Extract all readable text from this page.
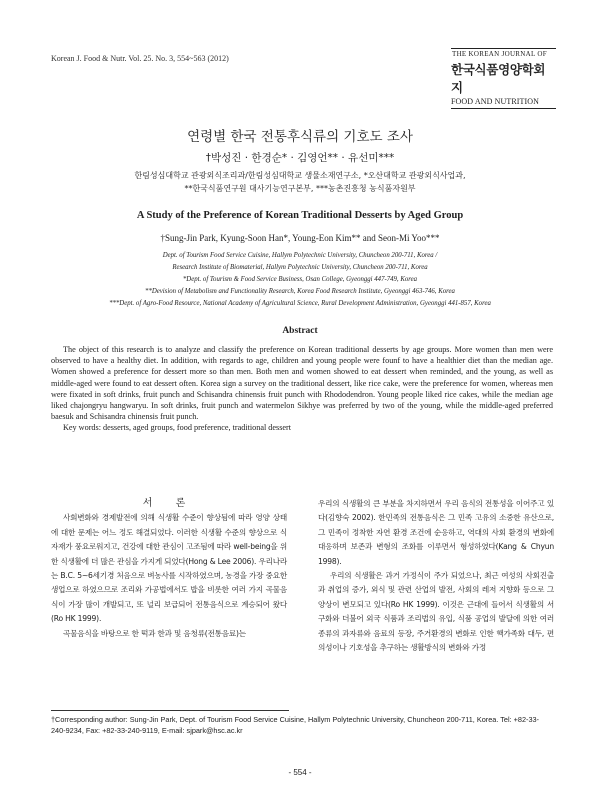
Korean J. Food & Nutr. Vol. 25. No. 3, 554~563 (2012)	THE KOREAN JOURNAL OF
한국식품영양학회지
FOOD AND NUTRITION
연령별 한국 전통후식류의 기호도 조사
†박성진 · 한경순* · 김영언** · 유선미***
한림성심대학교 관광외식조리과/한림성심대학교 생물소재연구소, *오산대학교 관광외식사업과,
**한국식품연구원 대사기능연구본부, ***농촌진흥청 농식품자원부
A Study of the Preference of Korean Traditional Desserts by Aged Group
†Sung-Jin Park, Kyung-Soon Han*, Young-Eon Kim** and Seon-Mi Yoo***
Dept. of Tourism Food Service Cuisine, Hallym Polytechnic University, Chuncheon 200-711, Korea /
Research Institute of Biomaterial, Hallym Polytechnic University, Chuncheon 200-711, Korea
*Dept. of Tourism & Food Service Business, Osan College, Gyeonggi 447-749, Korea
**Devision of Metabolism and Functionality Research, Korea Food Research Institute, Gyeonggi 463-746, Korea
***Dept. of Agro-Food Resource, National Academy of Agricultural Science, Rural Development Administration, Gyeonggi 441-857, Korea
Abstract

The object of this research is to analyze and classify the preference on Korean traditional desserts by age groups. More women than men were observed to have a healthy diet. In addition, with regards to age, children and young people were founf to have a healthier diet than the median age. Women showed a preference for dessert more so than men. Both men and women showed to eat dessert when reminded, and the young, as well as middle-aged were found to eat dessert often. Korea sign a survey on the traditional dessert, like rice cake, were the preference for women, whereas men were fixated in soft drinks, fruit punch and Schisandra chinensis fruit punch with Rhododendron. Young people liked rice cakes, while the median age liked chajongryu hangwaryu. In soft drinks, fruit punch and watermelon Sikhye was preferred by two of the young, while the middle-aged preferred baesuk and Schisandra chinensis fruit punch.

Key words: desserts, aged groups, food preference, traditional dessert

서 론

사회변화와 경제발전에 의해 식생활 수준이 향상됨에 따라 영양 상태에 대한 문제는 어느 정도 해결되었다. 이러한 식생활 수준의 향상으로 식자재가 풍요로워지고, 건강에 대한 관심이 고조됨에 따라 well-being을 위한 식생활에 더 많은 관심을 가지게 되었다(Hong & Lee 2006). 우리나라는 B.C. 5~6세기경 처음으로 벼농사를 시작하였으며, 농경을 가장 중요한 생업으로 하였으므로 조리와 가공법에서도 밥을 비롯한 여러 가지 곡물음식이 가장 많이 개발되고, 또 널리 보급되어 전통음식으로 계승되어 왔다(Ro HK 1999).

곡물음식을 바탕으로 한 떡과 한과 및 음청류(전통음료)는

우리의 식생활의 큰 부분을 차지하면서 우리 음식의 전통성을 이어주고 있다(김향숙 2002). 한민족의 전통음식은 그 민족 고유의 소중한 유산으로, 그 민족이 정착한 자연 환경 조건에 순응하고, 역대의 사회 환경의 변화에 대응하며 보존과 변형의 조화를 이루면서 형성하였다(Kang & Chyun 1998).

우리의 식생활은 과거 가정식이 주가 되었으나, 최근 여성의 사회진출과 취업의 증가, 외식 및 관련 산업의 발전, 사회의 레저 지향화 등으로 그 양상이 변모되고 있다(Ro HK 1999). 이것은 근대에 들어서 식생활의 서구화와 더불어 외국 식품과 조리법의 유입, 식품 공업의 발달에 의한 여러 종류의 과자류와 음료의 등장, 주거환경의 변화로 인한 핵가족화 대두, 편의성이나 기호성을 추구하는 생활방식의 변화와 가정

†Corresponding author: Sung-Jin Park, Dept. of Tourism Food Service Cuisine, Hallym Polytechnic University, Chuncheon 200-711, Korea. Tel: +82-33-240-9234, Fax: +82-33-240-9119, E-mail: sjpark@hsc.ac.kr
- 554 -
